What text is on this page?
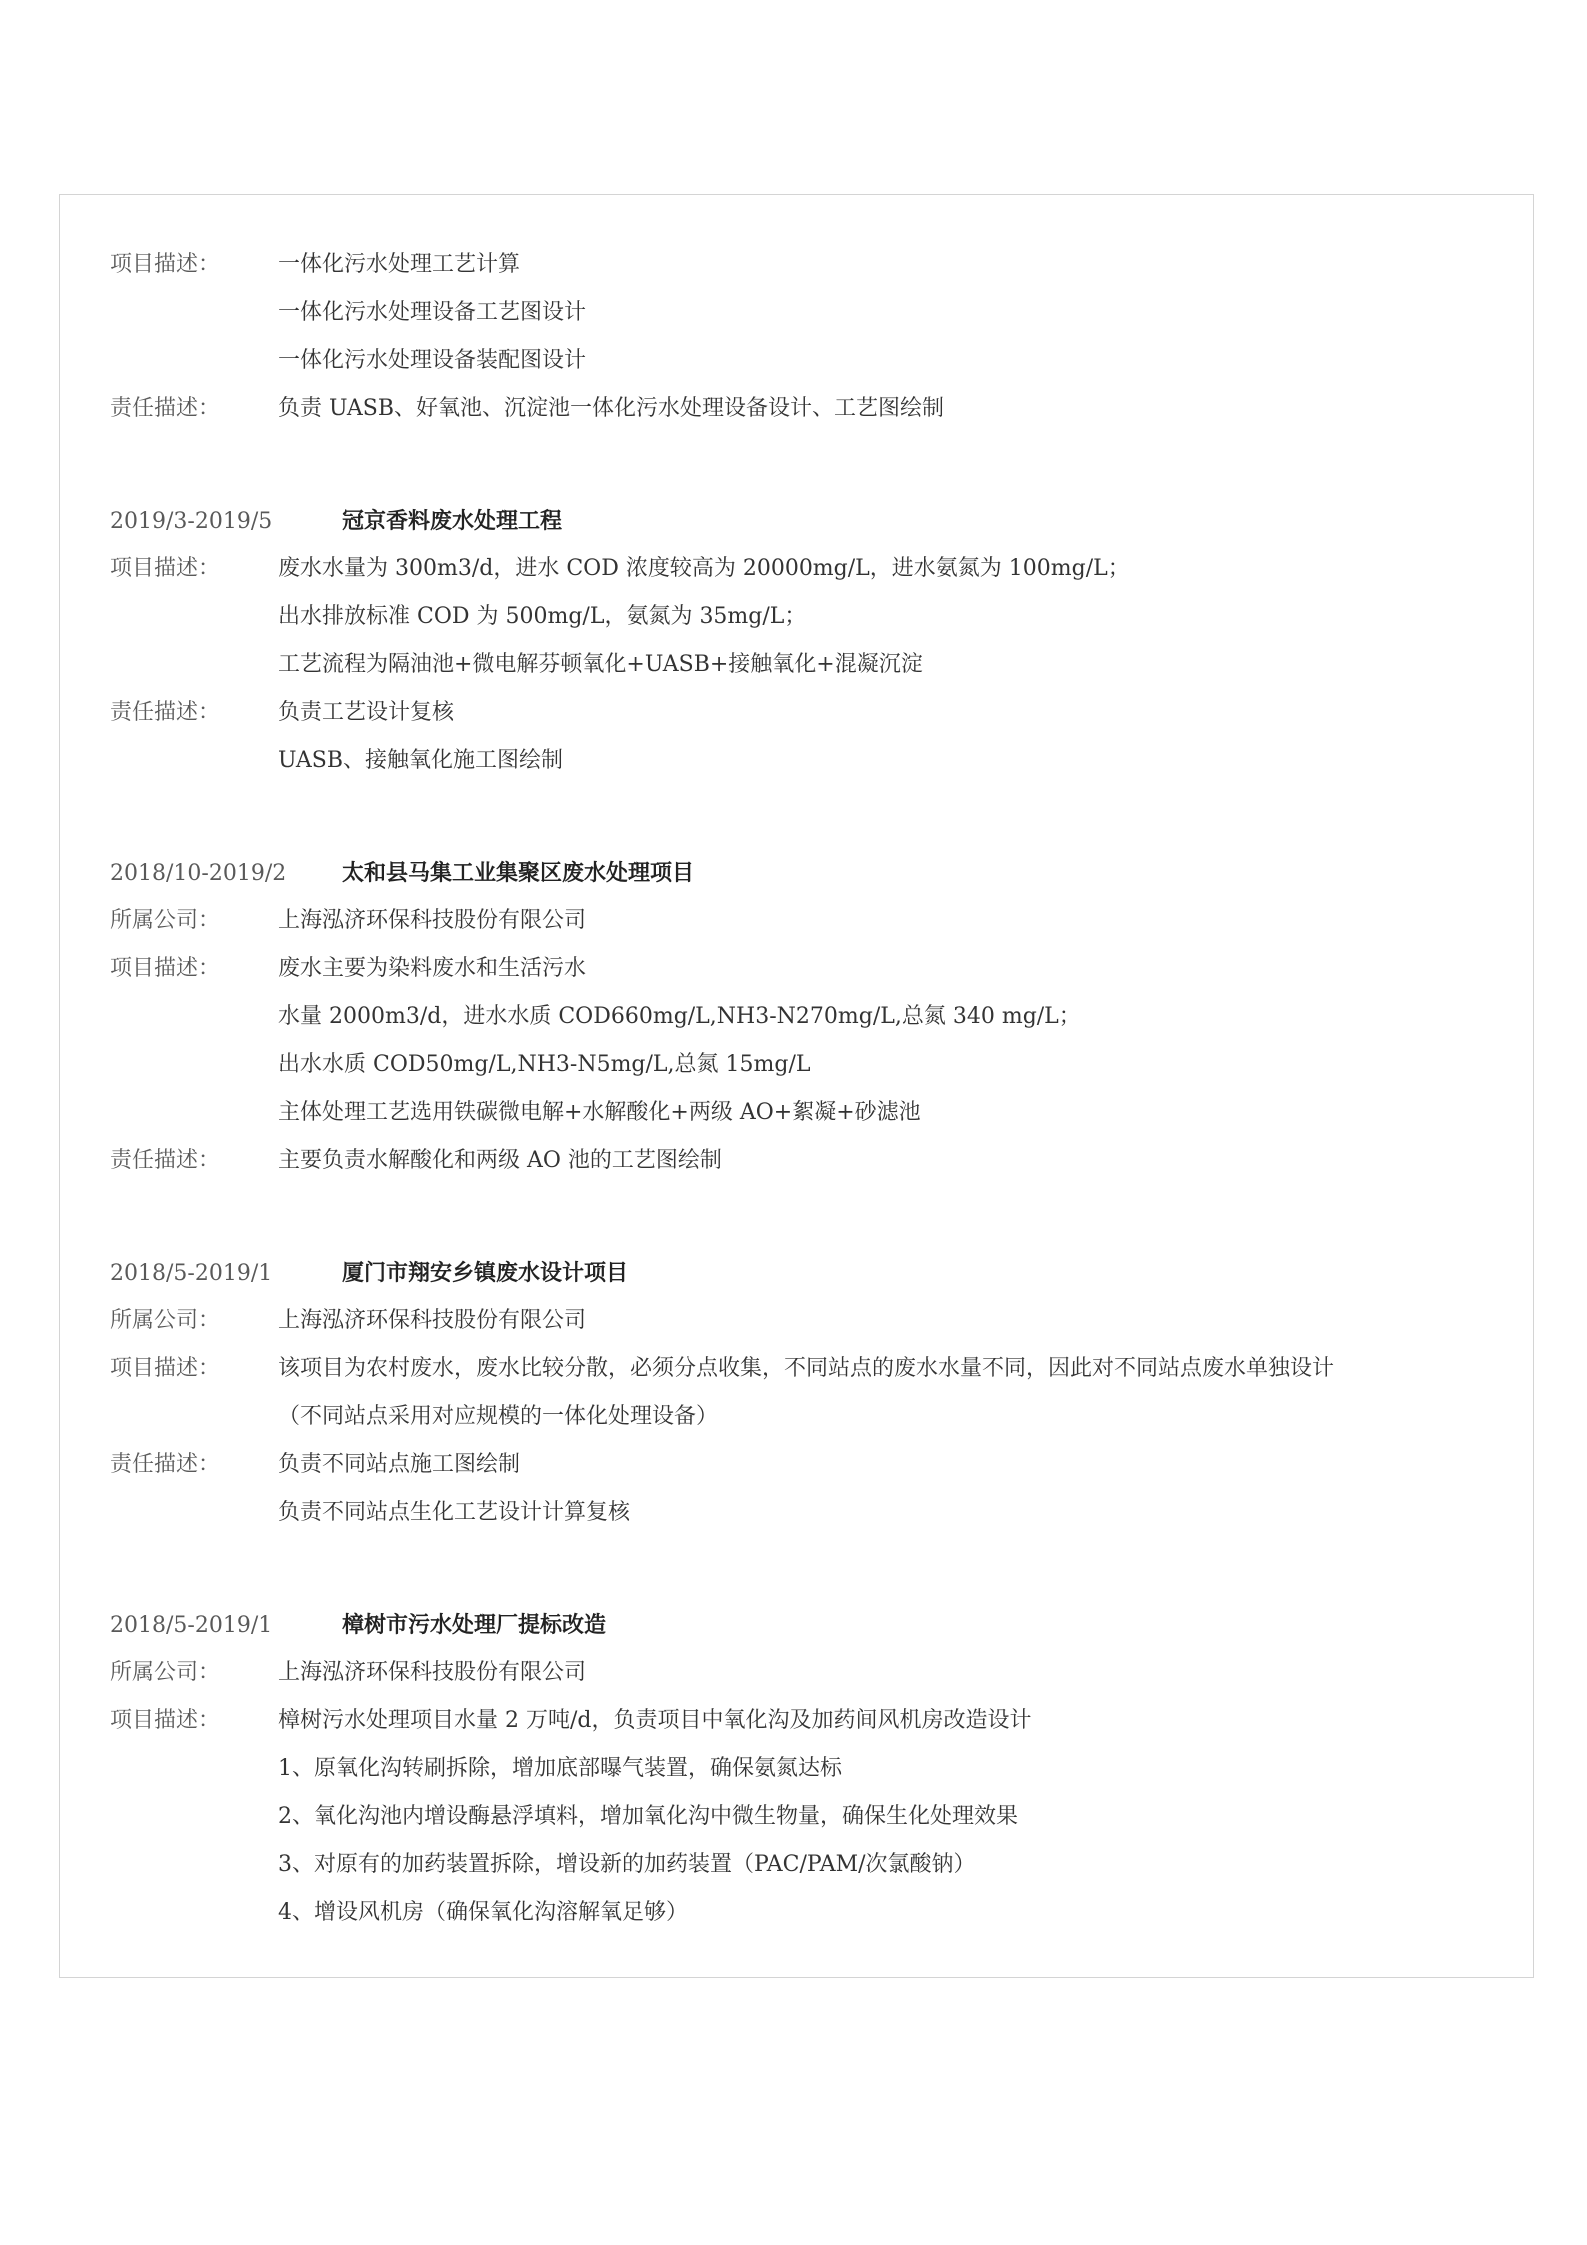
项目描述：	一体化污水处理工艺计算
一体化污水处理设备工艺图设计
一体化污水处理设备装配图设计
责任描述：	负责 UASB、好氧池、沉淀池一体化污水处理设备设计、工艺图绘制
2019/3-2019/5	冠京香料废水处理工程
项目描述：	废水水量为 300m3/d，进水 COD 浓度较高为 20000mg/L，进水氨氮为 100mg/L；
出水排放标准 COD 为 500mg/L，氨氮为 35mg/L；
工艺流程为隔油池+微电解芬顿氧化+UASB+接触氧化+混凝沉淀
责任描述：	负责工艺设计复核
UASB、接触氧化施工图绘制
2018/10-2019/2	太和县马集工业集聚区废水处理项目
所属公司：	上海泓济环保科技股份有限公司
项目描述：	废水主要为染料废水和生活污水
水量 2000m3/d，进水水质 COD660mg/L,NH3-N270mg/L,总氮 340 mg/L；
出水水质 COD50mg/L,NH3-N5mg/L,总氮 15mg/L
主体处理工艺选用铁碳微电解+水解酸化+两级 AO+絮凝+砂滤池
责任描述：	主要负责水解酸化和两级 AO 池的工艺图绘制
2018/5-2019/1	厦门市翔安乡镇废水设计项目
所属公司：	上海泓济环保科技股份有限公司
项目描述：	该项目为农村废水，废水比较分散，必须分点收集，不同站点的废水水量不同，因此对不同站点废水单独设计
（不同站点采用对应规模的一体化处理设备）
责任描述：	负责不同站点施工图绘制
负责不同站点生化工艺设计计算复核
2018/5-2019/1	樟树市污水处理厂提标改造
所属公司：	上海泓济环保科技股份有限公司
项目描述：	樟树污水处理项目水量 2 万吨/d，负责项目中氧化沟及加药间风机房改造设计
1、原氧化沟转刷拆除，增加底部曝气装置，确保氨氮达标
2、氧化沟池内增设酶悬浮填料，增加氧化沟中微生物量，确保生化处理效果
3、对原有的加药装置拆除，增设新的加药装置（PAC/PAM/次氯酸钠）
4、增设风机房（确保氧化沟溶解氧足够）
